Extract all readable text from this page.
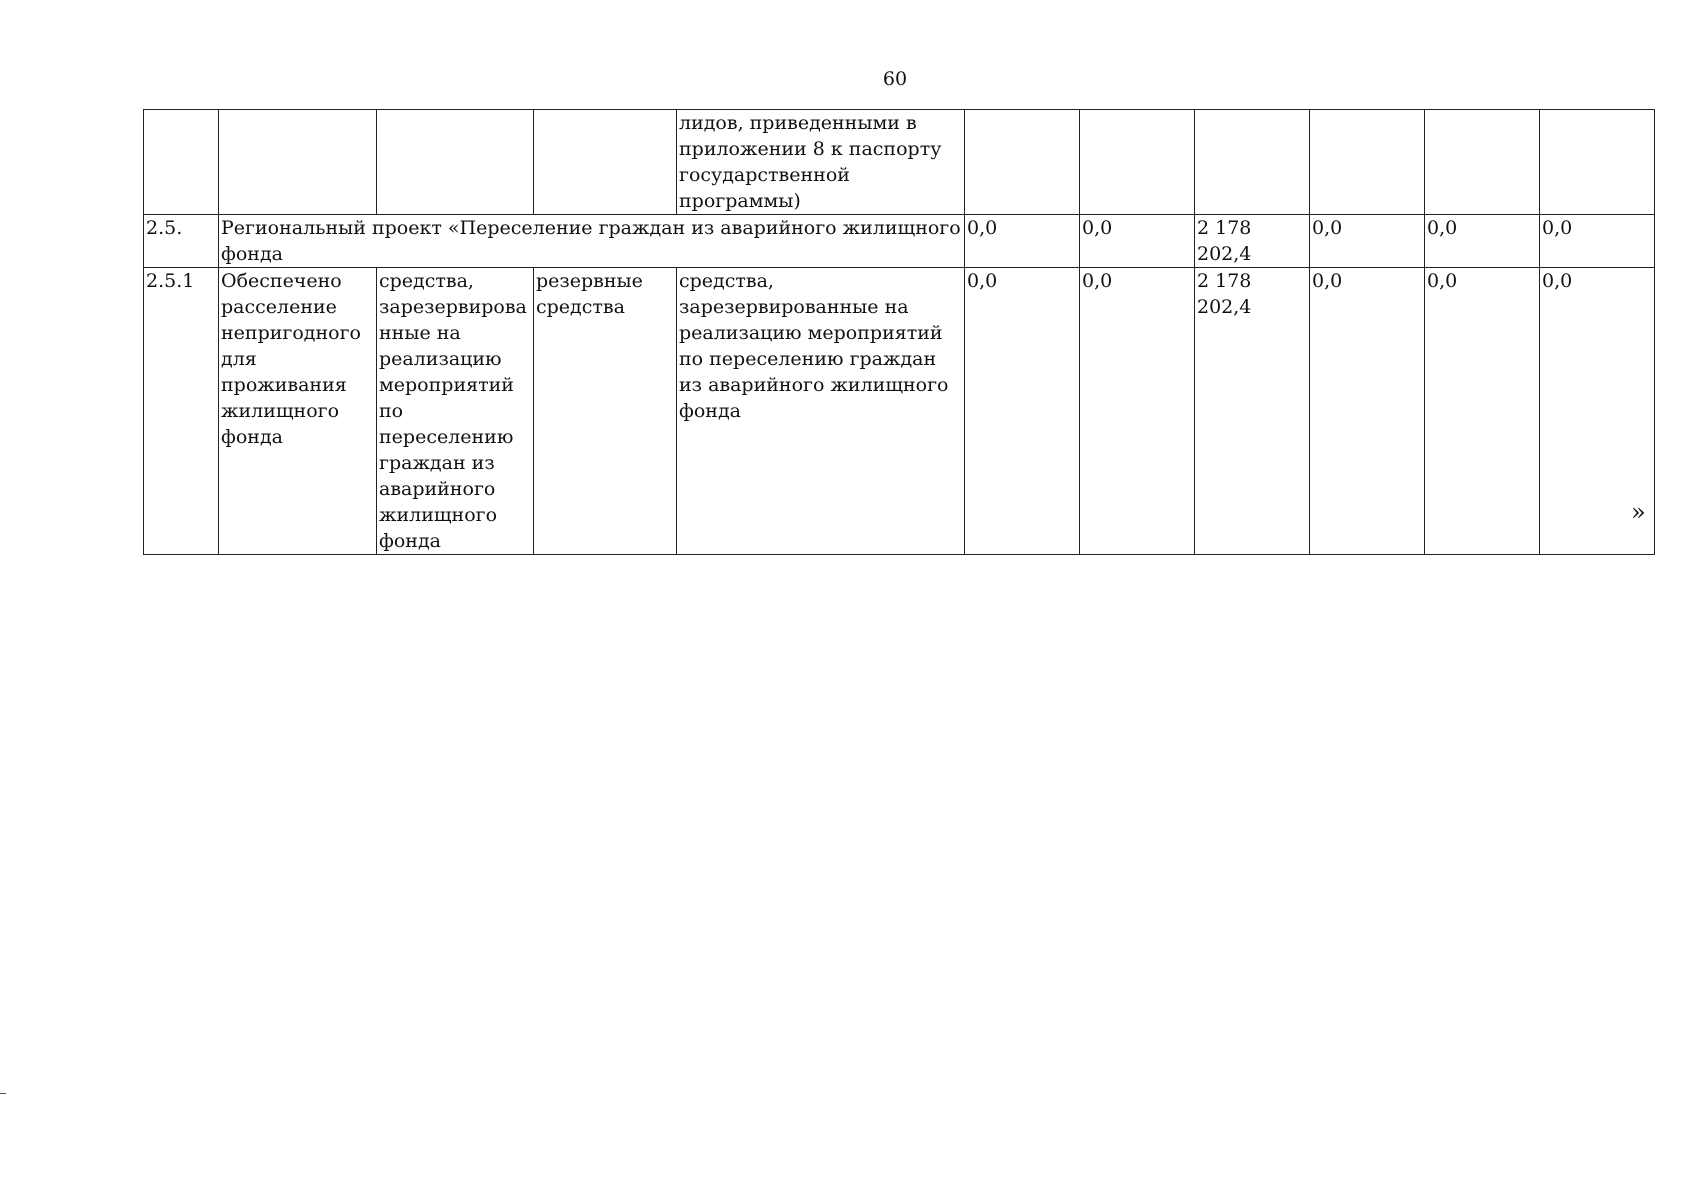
60
				лидов, приведенными в приложении 8 к паспорту государственной программы)						
2.5.	Региональный проект «Переселение граждан из аварийного жилищного фонда				0,0	0,0	2 178 202,4	0,0	0,0	0,0
2.5.1	Обеспечено расселение непригодного для проживания жилищного фонда	средства, зарезервированные на реализацию мероприятий по переселению граждан из аварийного жилищного фонда	резервные средства	средства, зарезервированные на реализацию мероприятий по переселению граждан из аварийного жилищного фонда	0,0	0,0	2 178 202,4	0,0	0,0	0,0
»
